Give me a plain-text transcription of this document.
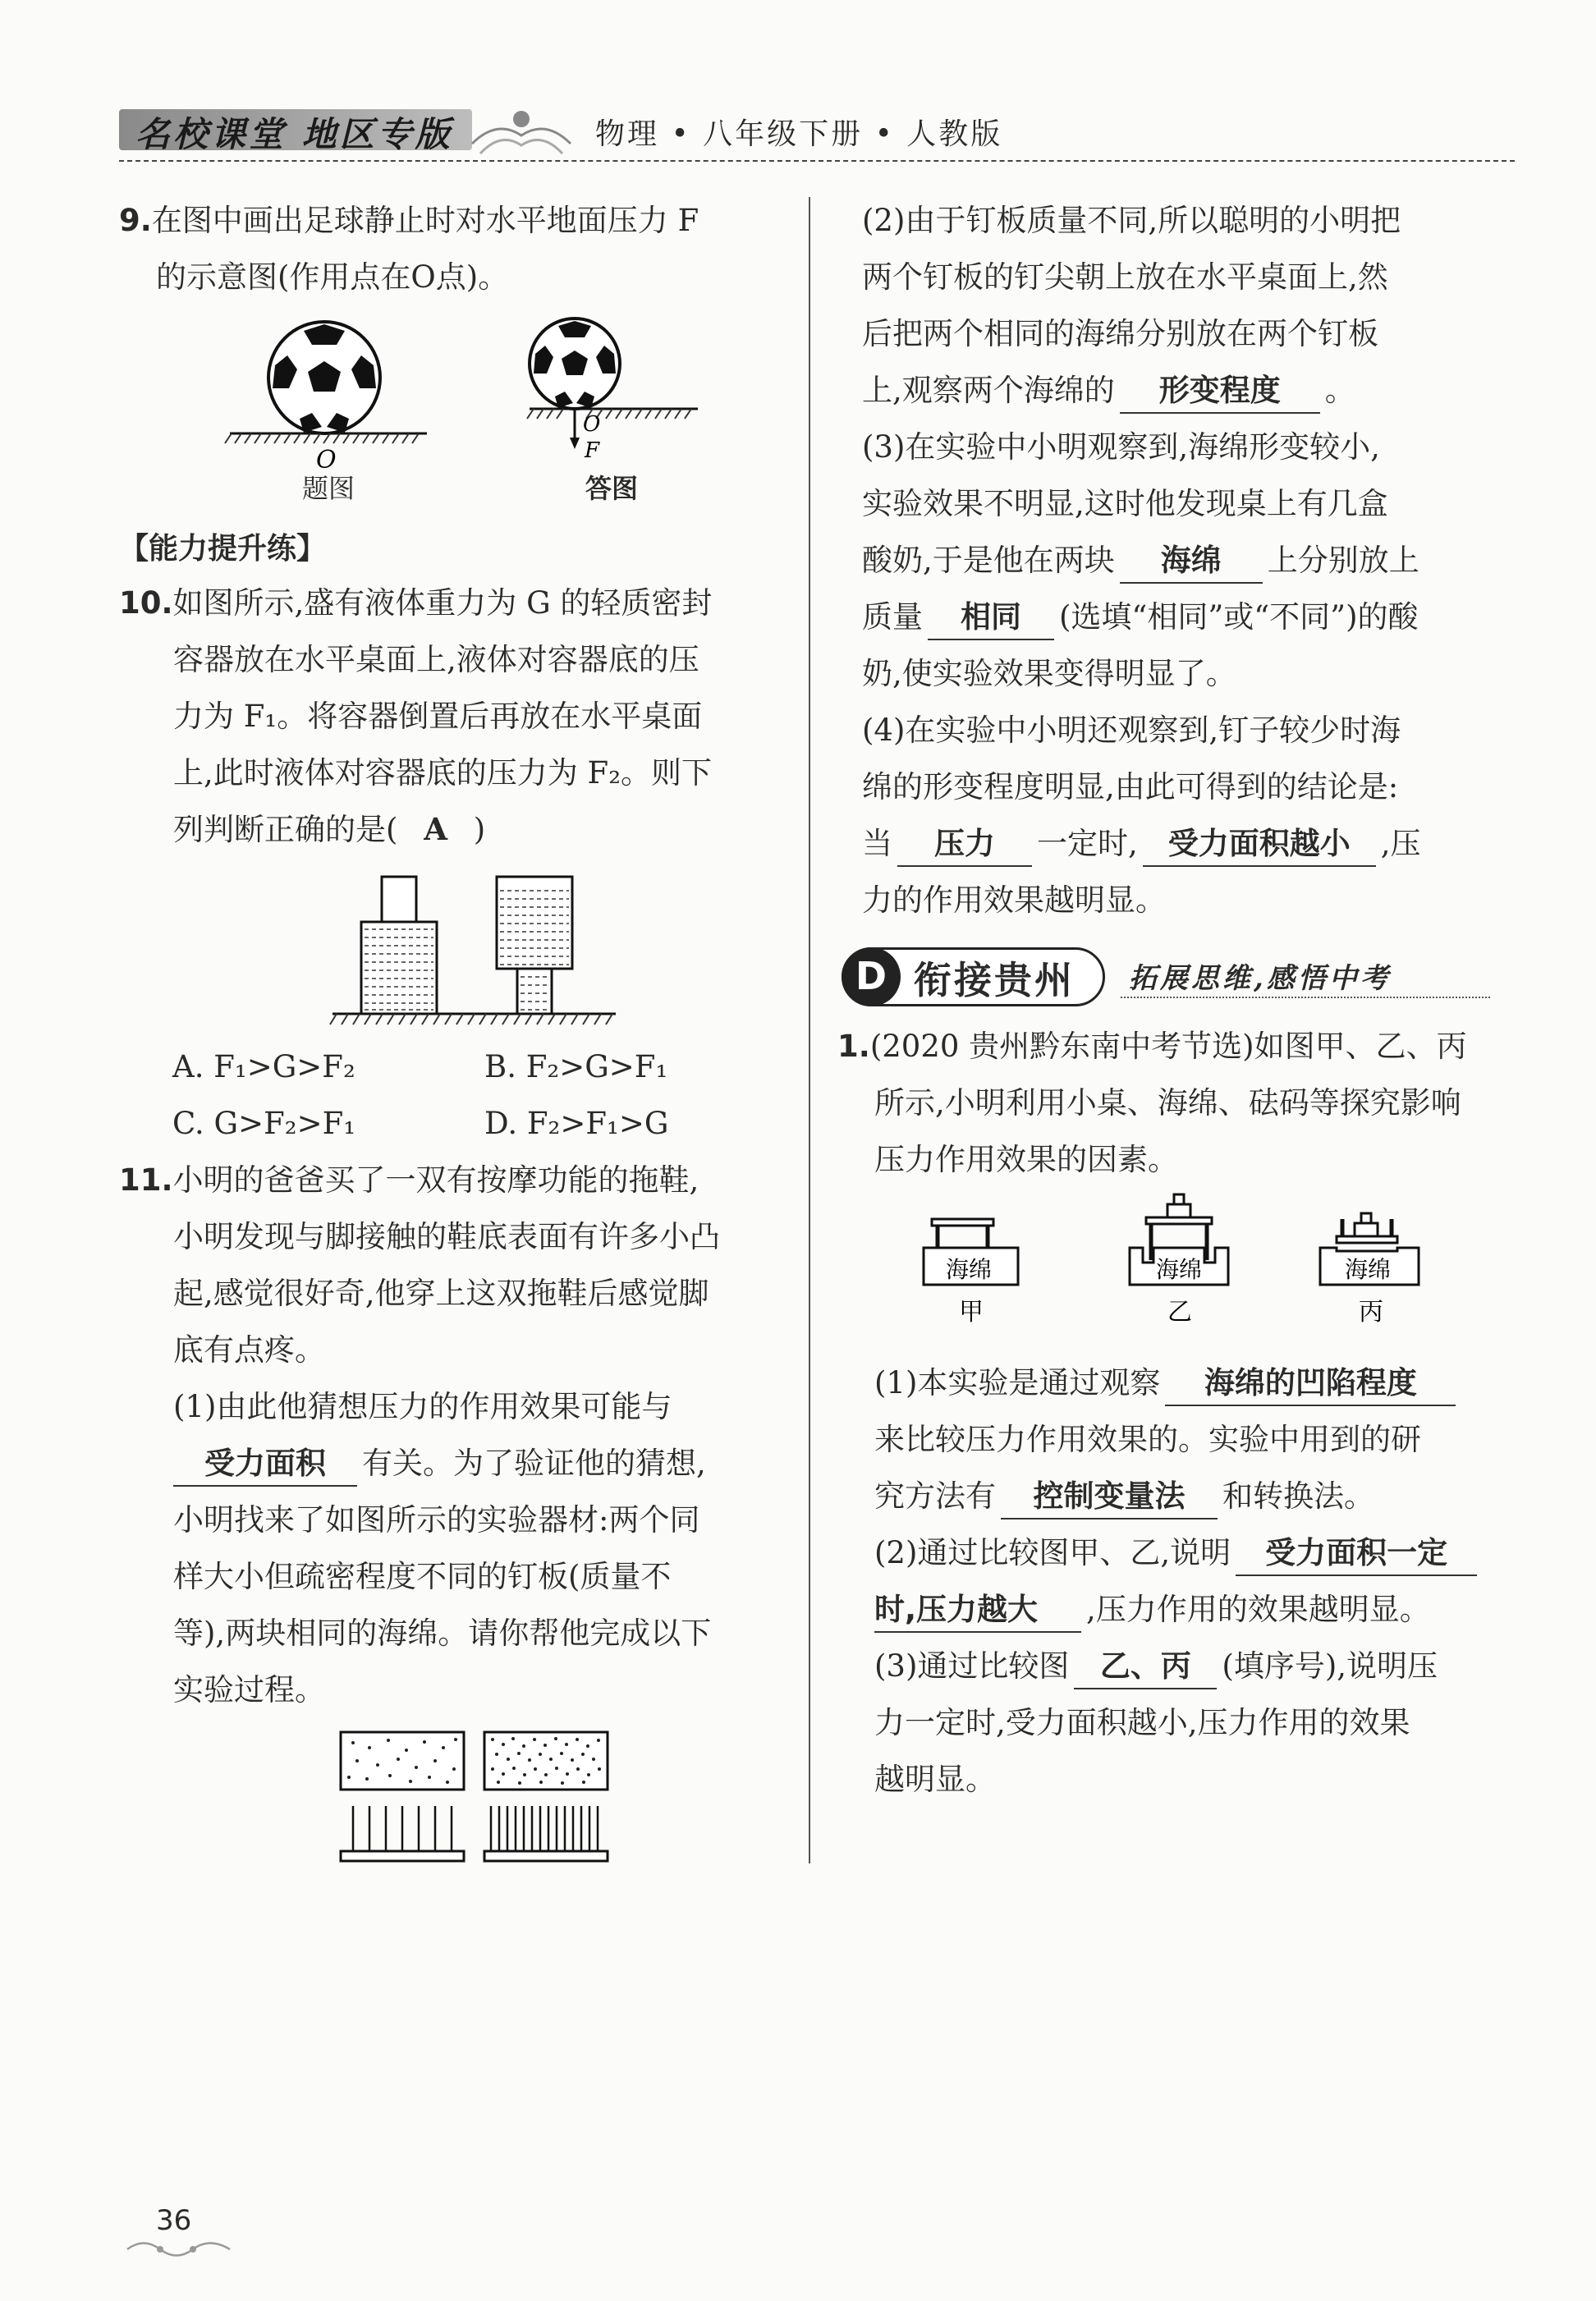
名校课堂 地区专版	物理 • 八年级下册 • 人教版
9.在图中画出足球静止时对水平地面压力 F
的示意图(作用点在O点)。
O
O
F
题图	答图
【能力提升练】
10.如图所示,盛有液体重力为 G 的轻质密封
容器放在水平桌面上,液体对容器底的压
力为 F₁。将容器倒置后再放在水平桌面
上,此时液体对容器底的压力为 F₂。则下
列判断正确的是( A )
A. F₁>G>F₂	B. F₂>G>F₁
C. G>F₂>F₁	D. F₂>F₁>G
11.小明的爸爸买了一双有按摩功能的拖鞋,
小明发现与脚接触的鞋底表面有许多小凸
起,感觉很好奇,他穿上这双拖鞋后感觉脚
底有点疼。
(1)由此他猜想压力的作用效果可能与
受力面积 有关。为了验证他的猜想,
小明找来了如图所示的实验器材:两个同
样大小但疏密程度不同的钉板(质量不
等),两块相同的海绵。请你帮他完成以下
实验过程。
(2)由于钉板质量不同,所以聪明的小明把
两个钉板的钉尖朝上放在水平桌面上,然
后把两个相同的海绵分别放在两个钉板
上,观察两个海绵的 形变程度 。
(3)在实验中小明观察到,海绵形变较小,
实验效果不明显,这时他发现桌上有几盒
酸奶,于是他在两块 海绵 上分别放上
质量 相同 (选填“相同”或“不同”)的酸
奶,使实验效果变得明显了。
(4)在实验中小明还观察到,钉子较少时海
绵的形变程度明显,由此可得到的结论是:
当 压力 一定时, 受力面积越小 ,压
力的作用效果越明显。
D 衔接贵州 拓展思维,感悟中考
1.(2020 贵州黔东南中考节选)如图甲、乙、丙
所示,小明利用小桌、海绵、砝码等探究影响
压力作用效果的因素。
海绵	海绵	海绵
甲	乙	丙
(1)本实验是通过观察 海绵的凹陷程度
来比较压力作用效果的。实验中用到的研
究方法有 控制变量法 和转换法。
(2)通过比较图甲、乙,说明 受力面积一定
时,压力越大 ,压力作用的效果越明显。
(3)通过比较图 乙、丙 (填序号),说明压
力一定时,受力面积越小,压力作用的效果
越明显。
36
